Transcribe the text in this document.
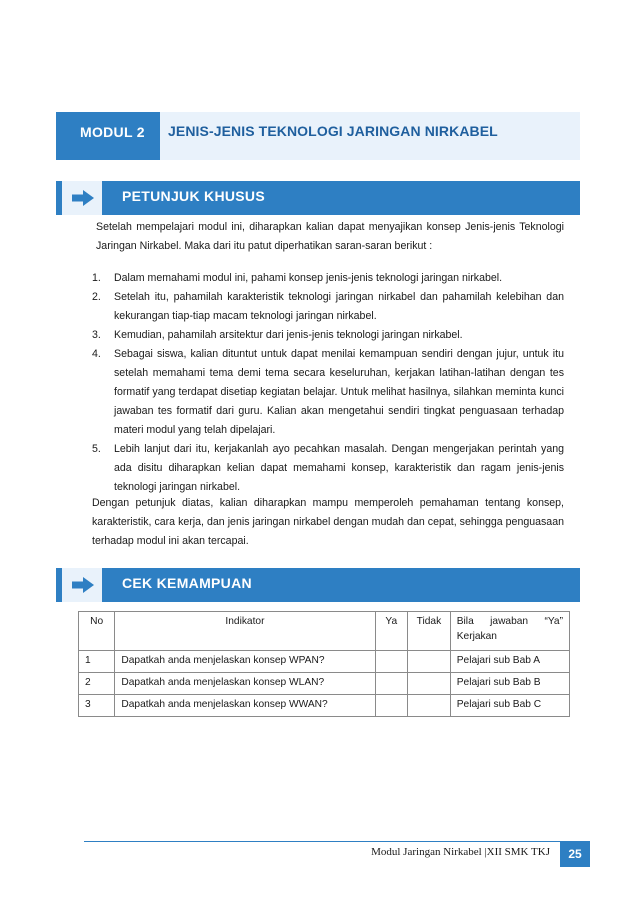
MODUL 2	JENIS-JENIS TEKNOLOGI JARINGAN NIRKABEL
PETUNJUK KHUSUS
Setelah mempelajari modul ini, diharapkan kalian dapat menyajikan konsep Jenis-jenis Teknologi Jaringan Nirkabel. Maka dari itu patut diperhatikan saran-saran berikut :
1. Dalam memahami modul ini, pahami konsep jenis-jenis teknologi jaringan nirkabel.
2. Setelah itu, pahamilah karakteristik teknologi jaringan nirkabel dan pahamilah kelebihan dan kekurangan tiap-tiap macam teknologi jaringan nirkabel.
3. Kemudian, pahamilah arsitektur dari jenis-jenis teknologi jaringan nirkabel.
4. Sebagai siswa, kalian dituntut untuk dapat menilai kemampuan sendiri dengan jujur, untuk itu setelah memahami tema demi tema secara keseluruhan, kerjakan latihan-latihan dengan tes formatif yang terdapat disetiap kegiatan belajar. Untuk melihat hasilnya, silahkan meminta kunci jawaban tes formatif dari guru. Kalian akan mengetahui sendiri tingkat penguasaan terhadap materi modul yang telah dipelajari.
5. Lebih lanjut dari itu, kerjakanlah ayo pecahkan masalah. Dengan mengerjakan perintah yang ada disitu diharapkan kelian dapat memahami konsep, karakteristik dan ragam jenis-jenis teknologi jaringan nirkabel.
Dengan petunjuk diatas, kalian diharapkan mampu memperoleh pemahaman tentang konsep, karakteristik, cara kerja, dan jenis jaringan nirkabel dengan mudah dan cepat, sehingga penguasaan terhadap modul ini akan tercapai.
CEK KEMAMPUAN
No	Indikator	Ya	Tidak	Bila jawaban “Ya” Kerjakan
1	Dapatkah anda menjelaskan konsep WPAN?			Pelajari sub Bab A
2	Dapatkah anda menjelaskan konsep WLAN?			Pelajari sub Bab B
3	Dapatkah anda menjelaskan konsep WWAN?			Pelajari sub Bab C
Modul Jaringan Nirkabel |XII SMK TKJ	25
